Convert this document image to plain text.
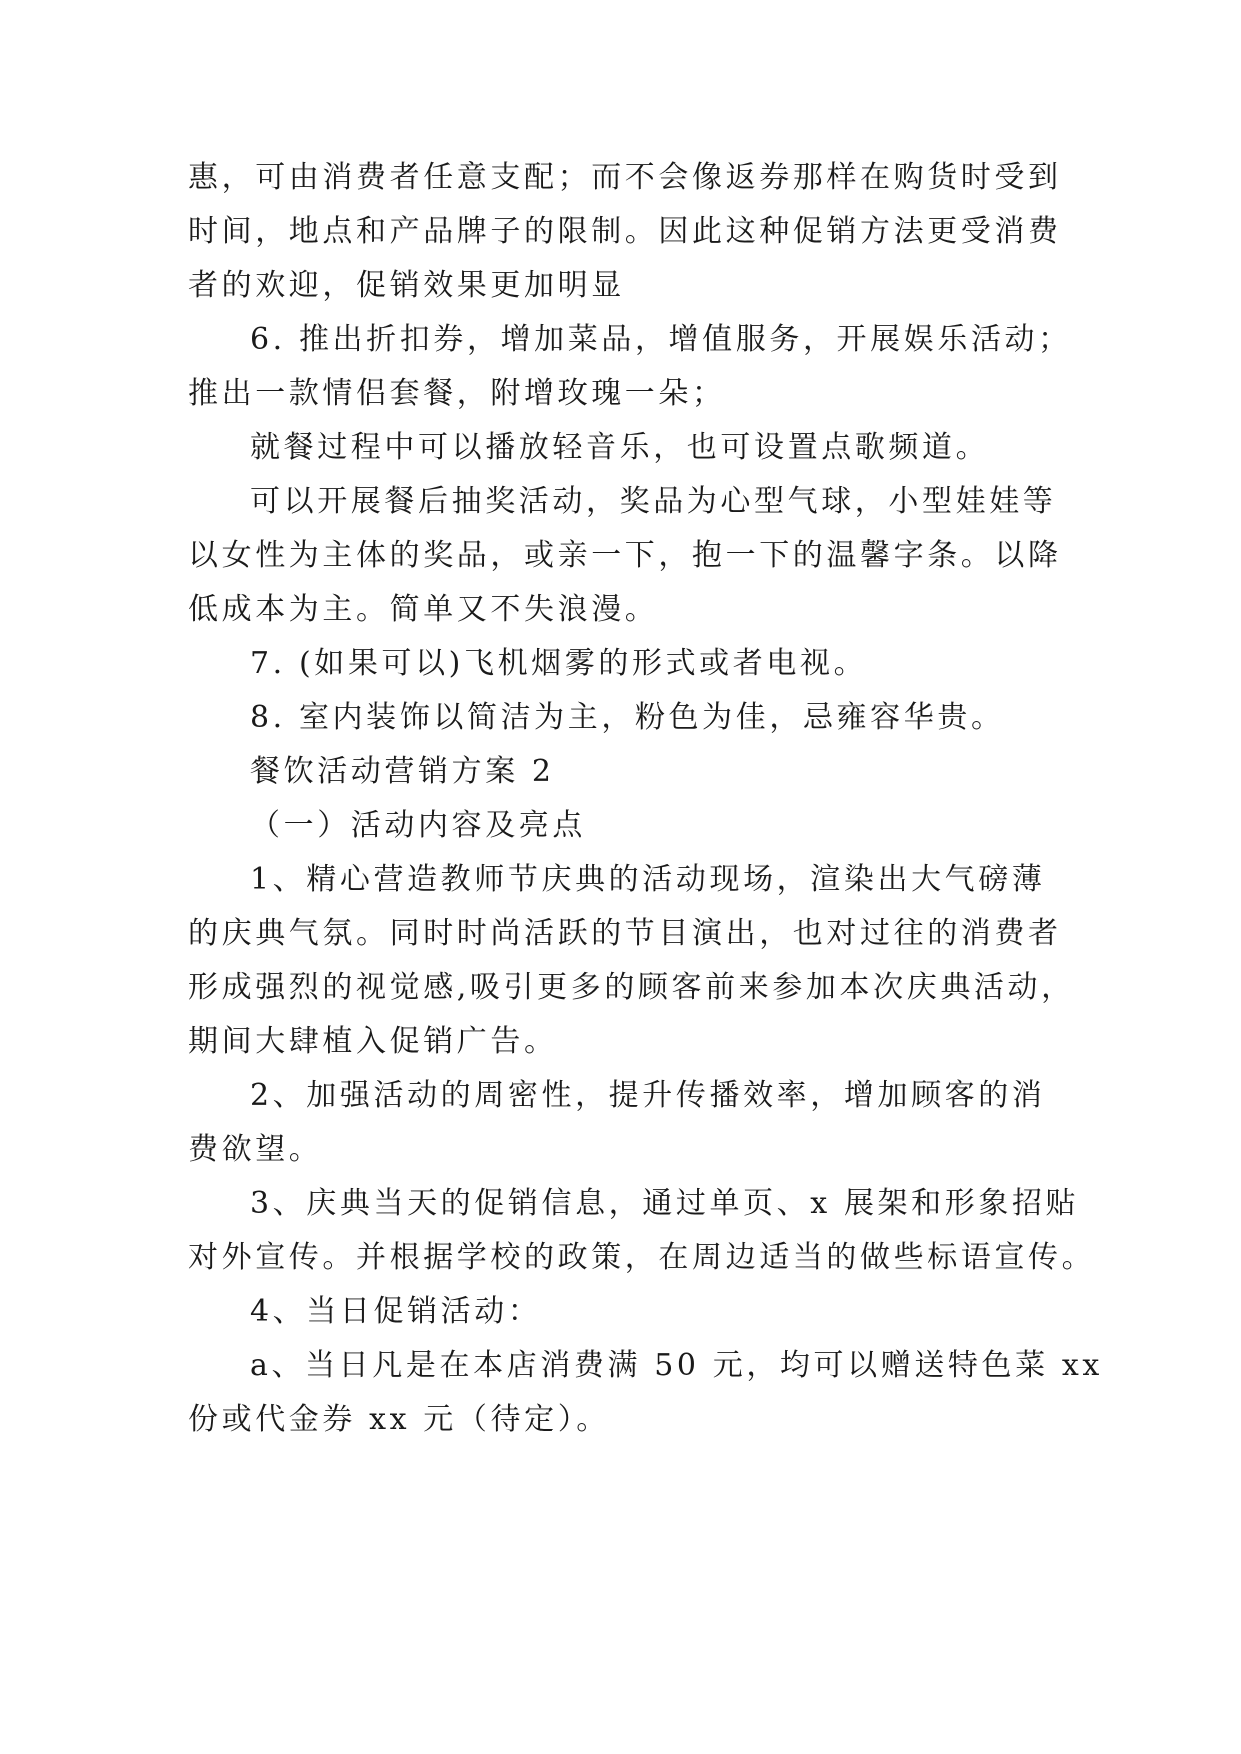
惠，可由消费者任意支配；而不会像返券那样在购货时受到
时间，地点和产品牌子的限制。因此这种促销方法更受消费
者的欢迎，促销效果更加明显
6. 推出折扣券，增加菜品，增值服务，开展娱乐活动；
推出一款情侣套餐，附增玫瑰一朵；
就餐过程中可以播放轻音乐，也可设置点歌频道。
可以开展餐后抽奖活动，奖品为心型气球，小型娃娃等
以女性为主体的奖品，或亲一下，抱一下的温馨字条。以降
低成本为主。简单又不失浪漫。
7. (如果可以)飞机烟雾的形式或者电视。
8. 室内装饰以简洁为主，粉色为佳，忌雍容华贵。
餐饮活动营销方案 2
（一）活动内容及亮点
1、精心营造教师节庆典的活动现场，渲染出大气磅薄
的庆典气氛。同时时尚活跃的节目演出，也对过往的消费者
形成强烈的视觉感,吸引更多的顾客前来参加本次庆典活动，
期间大肆植入促销广告。
2、加强活动的周密性，提升传播效率，增加顾客的消
费欲望。
3、庆典当天的促销信息，通过单页、x 展架和形象招贴
对外宣传。并根据学校的政策，在周边适当的做些标语宣传。
4、当日促销活动：
a、当日凡是在本店消费满 50 元，均可以赠送特色菜 xx
份或代金券 xx 元（待定）。
